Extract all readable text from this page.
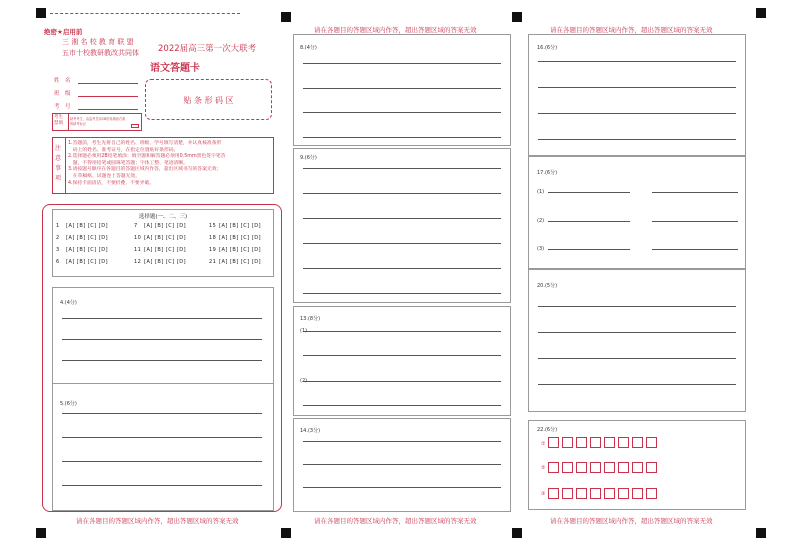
绝密★启用前
三 湘 名 校 教 育 联 盟
五市十校教研教改共同体 2022届高三第一次大联考
语文答题卡
姓　名
班　级
考　号
贴 条 形 码 区
考生禁填
缺考考生，由监考员用2B铅笔填涂右面的缺考标记
注意事项
1.答题前，考生先将自己的姓名、班级、学号填写清楚，并认真核准条形
　码上的姓名、准考证号，在指定位置贴好条形码。
2.选择题必须用2B铅笔填涂；填空题和解答题必须用0.5mm黑色签字笔答
　题，不得用铅笔或圆珠笔答题；字体工整、笔迹清晰。
3.请按题号顺序在各题目的答题区域内作答，超出区域书写的答案无效；
　在草稿纸、试题卷上答题无效。
4.保持卡面清洁，不要折叠、不要弄破。
选择题(一、二、三)
1 [A] [B] [C] [D]	7 [A] [B] [C] [D]	15 [A] [B] [C] [D]
2 [A] [B] [C] [D]	10 [A] [B] [C] [D]	18 [A] [B] [C] [D]
3 [A] [B] [C] [D]	11 [A] [B] [C] [D]	19 [A] [B] [C] [D]
6 [A] [B] [C] [D]	12 [A] [B] [C] [D]	21 [A] [B] [C] [D]
4.(4分)
5.(6分)
请在各题目的答题区域内作答，超出答题区域的答案无效
请在各题目的答题区域内作答，超出答题区域的答案无效
8.(4分)
9.(6分)
13.(8分)
(1)
(2)
14.(3分)
请在各题目的答题区域内作答，超出答题区域的答案无效
请在各题目的答题区域内作答，超出答题区域的答案无效
16.(6分)
17.(6分)
(1)
(2)
(3)
20.(5分)
22.(6分)
①
②
③
请在各题目的答题区域内作答，超出答题区域的答案无效
